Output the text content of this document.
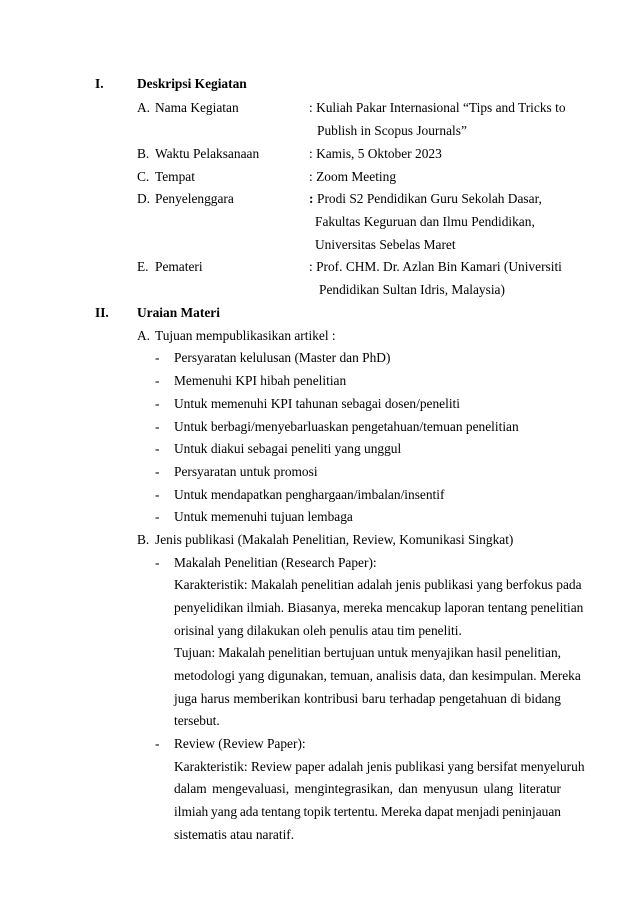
I. Deskripsi Kegiatan
A. Nama Kegiatan	: Kuliah Pakar Internasional “Tips and Tricks to
Publish in Scopus Journals”
B. Waktu Pelaksanaan	: Kamis, 5 Oktober 2023
C. Tempat	: Zoom Meeting
D. Penyelenggara	: Prodi S2 Pendidikan Guru Sekolah Dasar,
Fakultas Keguruan dan Ilmu Pendidikan,
Universitas Sebelas Maret
E. Pemateri	: Prof. CHM. Dr. Azlan Bin Kamari (Universiti
Pendidikan Sultan Idris, Malaysia)
II. Uraian Materi
A. Tujuan mempublikasikan artikel :
- Persyaratan kelulusan (Master dan PhD)
- Memenuhi KPI hibah penelitian
- Untuk memenuhi KPI tahunan sebagai dosen/peneliti
- Untuk berbagi/menyebarluaskan pengetahuan/temuan penelitian
- Untuk diakui sebagai peneliti yang unggul
- Persyaratan untuk promosi
- Untuk mendapatkan penghargaan/imbalan/insentif
- Untuk memenuhi tujuan lembaga
B. Jenis publikasi (Makalah Penelitian, Review, Komunikasi Singkat)
- Makalah Penelitian (Research Paper):
Karakteristik: Makalah penelitian adalah jenis publikasi yang berfokus pada
penyelidikan ilmiah. Biasanya, mereka mencakup laporan tentang penelitian
orisinal yang dilakukan oleh penulis atau tim peneliti.
Tujuan: Makalah penelitian bertujuan untuk menyajikan hasil penelitian,
metodologi yang digunakan, temuan, analisis data, dan kesimpulan. Mereka
juga harus memberikan kontribusi baru terhadap pengetahuan di bidang
tersebut.
- Review (Review Paper):
Karakteristik: Review paper adalah jenis publikasi yang bersifat menyeluruh
dalam mengevaluasi, mengintegrasikan, dan menyusun ulang literatur
ilmiah yang ada tentang topik tertentu. Mereka dapat menjadi peninjauan
sistematis atau naratif.
